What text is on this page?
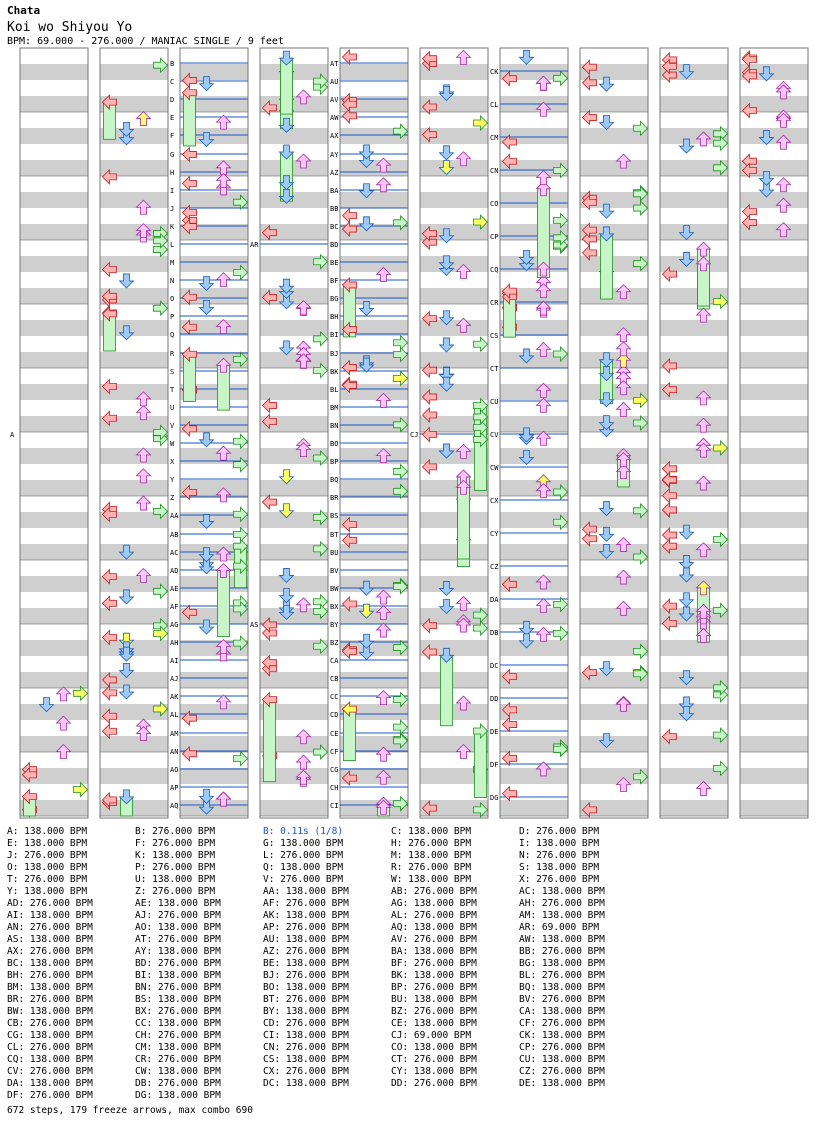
Chata
Koi wo Shiyou Yo
BPM: 69.000 - 276.000 / MANIAC SINGLE / 9 feet
A
B
C
D
E
F
G
H
I
J
K
L
M
N
O
P
Q
R
S
T
U
V
W
X
Y
Z
AA
AB
AC
AD
AE
AF
AG
AH
AI
AJ
AK
AL
AM
AN
AO
AP
AQ
AR
AS
AT
AU
AV
AW
AX
AY
AZ
BA
BB
BC
BD
BE
BF
BG
BH
BI
BJ
BK
BL
BM
BN
BO
BP
BQ
BR
BS
BT
BU
BV
BW
BX
BY
BZ
CA
CB
CC
CD
CE
CF
CG
CH
CI
CJ
CK
CL
CM
CN
CO
CP
CQ
CR
CS
CT
CU
CV
CW
CX
CY
CZ
DA
DB
DC
DD
DE
DF
DG
A: 138.000 BPM	B: 276.000 BPM	B: 0.11s (1/8)	C: 138.000 BPM	D: 276.000 BPM
E: 138.000 BPM	F: 276.000 BPM	G: 138.000 BPM	H: 276.000 BPM	I: 138.000 BPM
J: 276.000 BPM	K: 138.000 BPM	L: 276.000 BPM	M: 138.000 BPM	N: 276.000 BPM
O: 138.000 BPM	P: 276.000 BPM	Q: 138.000 BPM	R: 276.000 BPM	S: 138.000 BPM
T: 276.000 BPM	U: 138.000 BPM	V: 276.000 BPM	W: 138.000 BPM	X: 276.000 BPM
Y: 138.000 BPM	Z: 276.000 BPM	AA: 138.000 BPM	AB: 276.000 BPM	AC: 138.000 BPM
AD: 276.000 BPM	AE: 138.000 BPM	AF: 276.000 BPM	AG: 138.000 BPM	AH: 276.000 BPM
AI: 138.000 BPM	AJ: 276.000 BPM	AK: 138.000 BPM	AL: 276.000 BPM	AM: 138.000 BPM
AN: 276.000 BPM	AO: 138.000 BPM	AP: 276.000 BPM	AQ: 138.000 BPM	AR: 69.000 BPM
AS: 138.000 BPM	AT: 276.000 BPM	AU: 138.000 BPM	AV: 276.000 BPM	AW: 138.000 BPM
AX: 276.000 BPM	AY: 138.000 BPM	AZ: 276.000 BPM	BA: 138.000 BPM	BB: 276.000 BPM
BC: 138.000 BPM	BD: 276.000 BPM	BE: 138.000 BPM	BF: 276.000 BPM	BG: 138.000 BPM
BH: 276.000 BPM	BI: 138.000 BPM	BJ: 276.000 BPM	BK: 138.000 BPM	BL: 276.000 BPM
BM: 138.000 BPM	BN: 276.000 BPM	BO: 138.000 BPM	BP: 276.000 BPM	BQ: 138.000 BPM
BR: 276.000 BPM	BS: 138.000 BPM	BT: 276.000 BPM	BU: 138.000 BPM	BV: 276.000 BPM
BW: 138.000 BPM	BX: 276.000 BPM	BY: 138.000 BPM	BZ: 276.000 BPM	CA: 138.000 BPM
CB: 276.000 BPM	CC: 138.000 BPM	CD: 276.000 BPM	CE: 138.000 BPM	CF: 276.000 BPM
CG: 138.000 BPM	CH: 276.000 BPM	CI: 138.000 BPM	CJ: 69.000 BPM	CK: 138.000 BPM
CL: 276.000 BPM	CM: 138.000 BPM	CN: 276.000 BPM	CO: 138.000 BPM	CP: 276.000 BPM
CQ: 138.000 BPM	CR: 276.000 BPM	CS: 138.000 BPM	CT: 276.000 BPM	CU: 138.000 BPM
CV: 276.000 BPM	CW: 138.000 BPM	CX: 276.000 BPM	CY: 138.000 BPM	CZ: 276.000 BPM
DA: 138.000 BPM	DB: 276.000 BPM	DC: 138.000 BPM	DD: 276.000 BPM	DE: 138.000 BPM
DF: 276.000 BPM	DG: 138.000 BPM
672 steps, 179 freeze arrows, max combo 690
